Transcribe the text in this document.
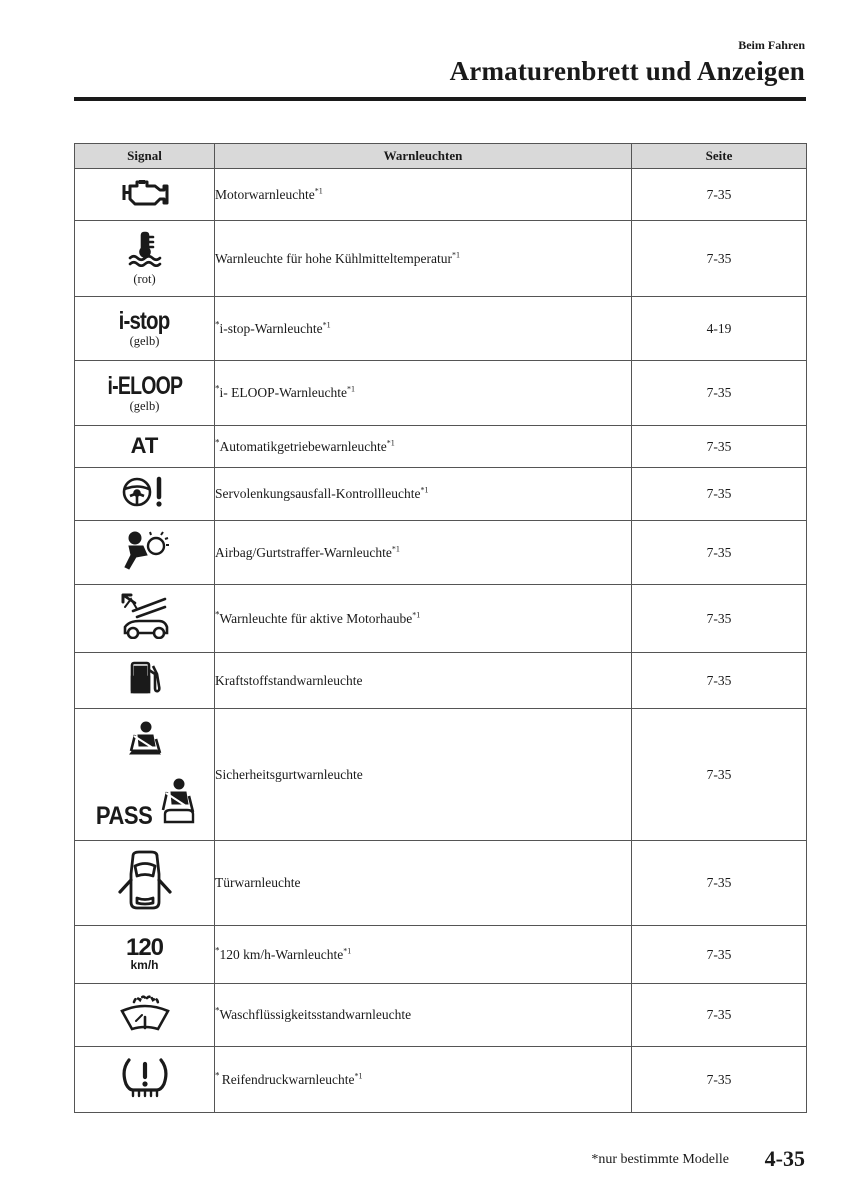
Beim Fahren
Armaturenbrett und Anzeigen
Signal	Warnleuchten	Seite
	Motorwarnleuchte$^{*1}$	7-35

(rot)	Warnleuchte für hohe Kühlmitteltemperatur$^{*1}$	7-35
i-stop
(gelb)	*i-stop-Warnleuchte$^{*1}$	4-19
i-ELOOP
(gelb)	*i- ELOOP-Warnleuchte$^{*1}$	7-35
AT	*Automatikgetriebewarnleuchte$^{*1}$	7-35
	Servolenkungsausfall-Kontrollleuchte$^{*1}$	7-35
	Airbag/Gurtstraffer-Warnleuchte$^{*1}$	7-35
	*Warnleuchte für aktive Motorhaube$^{*1}$	7-35
	Kraftstoffstandwarnleuchte	7-35

PASS	Sicherheitsgurtwarnleuchte	7-35
	Türwarnleuchte	7-35

120
km/h	*120 km/h-Warnleuchte$^{*1}$	7-35
	*Waschflüssigkeitsstandwarnleuchte	7-35
	* Reifendruckwarnleuchte$^{*1}$	7-35
*nur bestimmte Modelle 4-35
